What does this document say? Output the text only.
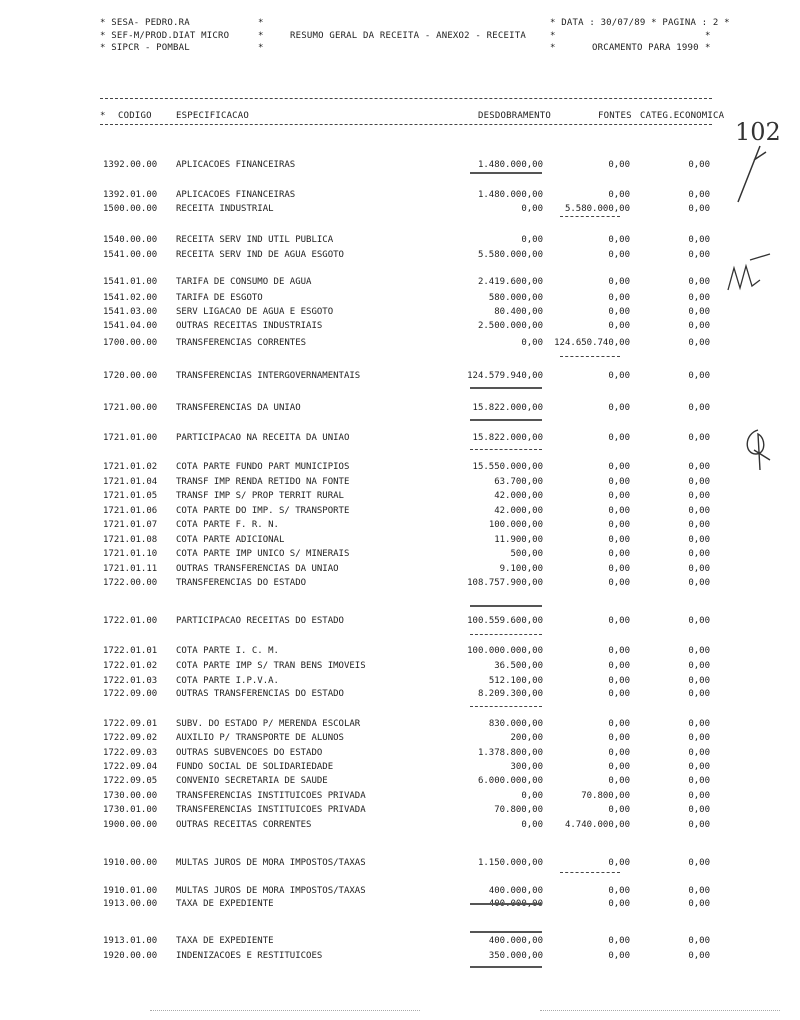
* SESA- PEDRO.RA
* SEF-M/PROD.DIAT MICRO
* SIPCR - POMBAL
*
*
*
RESUMO GERAL DA RECEITA - ANEXO2 - RECEITA
* DATA : 30/07/89 * PAGINA : 2 *
*	*
*	ORCAMENTO PARA 1990 *
* CODIGO	ESPECIFICACAO	DESDOBRAMENTO	FONTES CATEG.ECONOMICA
102
1392.00.00 APLICACOES FINANCEIRAS	1.480.000,00	0,00	0,00
1392.01.00 APLICACOES FINANCEIRAS	1.480.000,00	0,00	0,00
1500.00.00 RECEITA INDUSTRIAL	0,00 5.580.000,00	0,00
1540.00.00 RECEITA SERV IND UTIL PUBLICA	0,00	0,00	0,00
1541.00.00 RECEITA SERV IND DE AGUA ESGOTO	5.580.000,00	0,00	0,00
1541.01.00 TARIFA DE CONSUMO DE AGUA	2.419.600,00	0,00	0,00
1541.02.00 TARIFA DE ESGOTO	580.000,00	0,00	0,00
1541.03.00 SERV LIGACAO DE AGUA E ESGOTO	80.400,00	0,00	0,00
1541.04.00 OUTRAS RECEITAS INDUSTRIAIS	2.500.000,00	0,00	0,00
1700.00.00 TRANSFERENCIAS CORRENTES	0,00 124.650.740,00	0,00
1720.00.00 TRANSFERENCIAS INTERGOVERNAMENTAIS	124.579.940,00	0,00	0,00
1721.00.00 TRANSFERENCIAS DA UNIAO	15.822.000,00	0,00	0,00
1721.01.00 PARTICIPACAO NA RECEITA DA UNIAO	15.822.000,00	0,00	0,00
1721.01.02 COTA PARTE FUNDO PART MUNICIPIOS	15.550.000,00	0,00	0,00
1721.01.04 TRANSF IMP RENDA RETIDO NA FONTE	63.700,00	0,00	0,00
1721.01.05 TRANSF IMP S/ PROP TERRIT RURAL	42.000,00	0,00	0,00
1721.01.06 COTA PARTE DO IMP. S/ TRANSPORTE	42.000,00	0,00	0,00
1721.01.07 COTA PARTE F. R. N.	100.000,00	0,00	0,00
1721.01.08 COTA PARTE ADICIONAL	11.900,00	0,00	0,00
1721.01.10 COTA PARTE IMP UNICO S/ MINERAIS	500,00	0,00	0,00
1721.01.11 OUTRAS TRANSFERENCIAS DA UNIAO	9.100,00	0,00	0,00
1722.00.00 TRANSFERENCIAS DO ESTADO	108.757.900,00	0,00	0,00
1722.01.00 PARTICIPACAO RECEITAS DO ESTADO	100.559.600,00	0,00	0,00
1722.01.01 COTA PARTE I. C. M.	100.000.000,00	0,00	0,00
1722.01.02 COTA PARTE IMP S/ TRAN BENS IMOVEIS	36.500,00	0,00	0,00
1722.01.03 COTA PARTE I.P.V.A.	512.100,00	0,00	0,00
1722.09.00 OUTRAS TRANSFERENCIAS DO ESTADO	8.209.300,00	0,00	0,00
1722.09.01 SUBV. DO ESTADO P/ MERENDA ESCOLAR	830.000,00	0,00	0,00
1722.09.02 AUXILIO P/ TRANSPORTE DE ALUNOS	200,00	0,00	0,00
1722.09.03 OUTRAS SUBVENCOES DO ESTADO	1.378.800,00	0,00	0,00
1722.09.04 FUNDO SOCIAL DE SOLIDARIEDADE	300,00	0,00	0,00
1722.09.05 CONVENIO SECRETARIA DE SAUDE	6.000.000,00	0,00	0,00
1730.00.00 TRANSFERENCIAS INSTITUICOES PRIVADA	0,00	70.800,00	0,00
1730.01.00 TRANSFERENCIAS INSTITUICOES PRIVADA	70.800,00	0,00	0,00
1900.00.00 OUTRAS RECEITAS CORRENTES	0,00 4.740.000,00	0,00
1910.00.00 MULTAS JUROS DE MORA IMPOSTOS/TAXAS	1.150.000,00	0,00	0,00
1910.01.00 MULTAS JUROS DE MORA IMPOSTOS/TAXAS	400.000,00	0,00	0,00
1913.00.00 TAXA DE EXPEDIENTE	400.000,00	0,00	0,00
1913.01.00 TAXA DE EXPEDIENTE	400.000,00	0,00	0,00
1920.00.00 INDENIZACOES E RESTITUICOES	350.000,00	0,00	0,00
